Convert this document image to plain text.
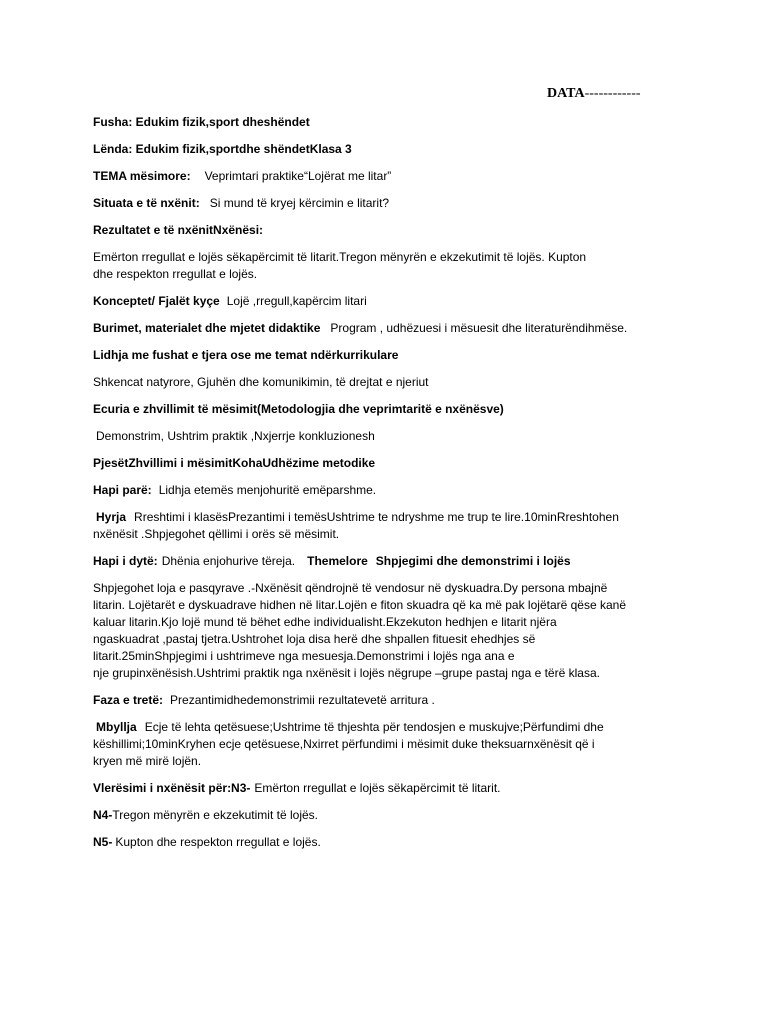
DATA------------
Fusha: Edukim fizik,sport dheshëndet
Lënda: Edukim fizik,sportdhe shëndetKlasa 3
TEMA mësimore: Veprimtari praktike“Lojërat me litar”
Situata e të nxënit: Si mund të kryej kërcimin e litarit?
Rezultatet e të nxënitNxënësi:
Emërton rregullat e lojës sëkapërcimit të litarit.Tregon mënyrën e ekzekutimit të lojës. Kupton
dhe respekton rregullat e lojës.
Konceptet/ Fjalët kyçe Lojë ,rregull,kapërcim litari
Burimet, materialet dhe mjetet didaktike Program , udhëzuesi i mësuesit dhe literaturëndihmëse.
Lidhja me fushat e tjera ose me temat ndërkurrikulare
Shkencat natyrore, Gjuhën dhe komunikimin, të drejtat e njeriut
Ecuria e zhvillimit të mësimit(Metodologjia dhe veprimtaritë e nxënësve)
Demonstrim, Ushtrim praktik ,Nxjerrje konkluzionesh
PjesëtZhvillimi i mësimitKohaUdhëzime metodike
Hapi parë: Lidhja etemës menjohuritë emëparshme.
Hyrja Rreshtimi i klasësPrezantimi i temësUshtrime te ndryshme me trup te lire.10minRreshtohen
nxënësit .Shpjegohet qëllimi i orës së mësimit.
Hapi i dytë: Dhënia enjohurive tëreja. Themelore Shpjegimi dhe demonstrimi i lojës
Shpjegohet loja e pasqyrave .-Nxënësit qëndrojnë të vendosur në dyskuadra.Dy persona mbajnë
litarin. Lojëtarët e dyskuadrave hidhen në litar.Lojën e fiton skuadra që ka më pak lojëtarë qëse kanë
kaluar litarin.Kjo lojë mund të bëhet edhe individualisht.Ekzekuton hedhjen e litarit njëra
ngaskuadrat ,pastaj tjetra.Ushtrohet loja disa herë dhe shpallen fituesit ehedhjes së
litarit.25minShpjegimi i ushtrimeve nga mesuesja.Demonstrimi i lojës nga ana e
nje grupinxënësish.Ushtrimi praktik nga nxënësit i lojës nëgrupe –grupe pastaj nga e tërë klasa.
Faza e tretë: Prezantimidhedemonstrimii rezultatevetë arritura .
Mbyllja Ecje të lehta qetësuese;Ushtrime të thjeshta për tendosjen e muskujve;Përfundimi dhe
këshillimi;10minKryhen ecje qetësuese,Nxirret përfundimi i mësimit duke theksuarnxënësit që i
kryen më mirë lojën.
Vlerësimi i nxënësit për:N3- Emërton rregullat e lojës sëkapërcimit të litarit.
N4-Tregon mënyrën e ekzekutimit të lojës.
N5- Kupton dhe respekton rregullat e lojës.
